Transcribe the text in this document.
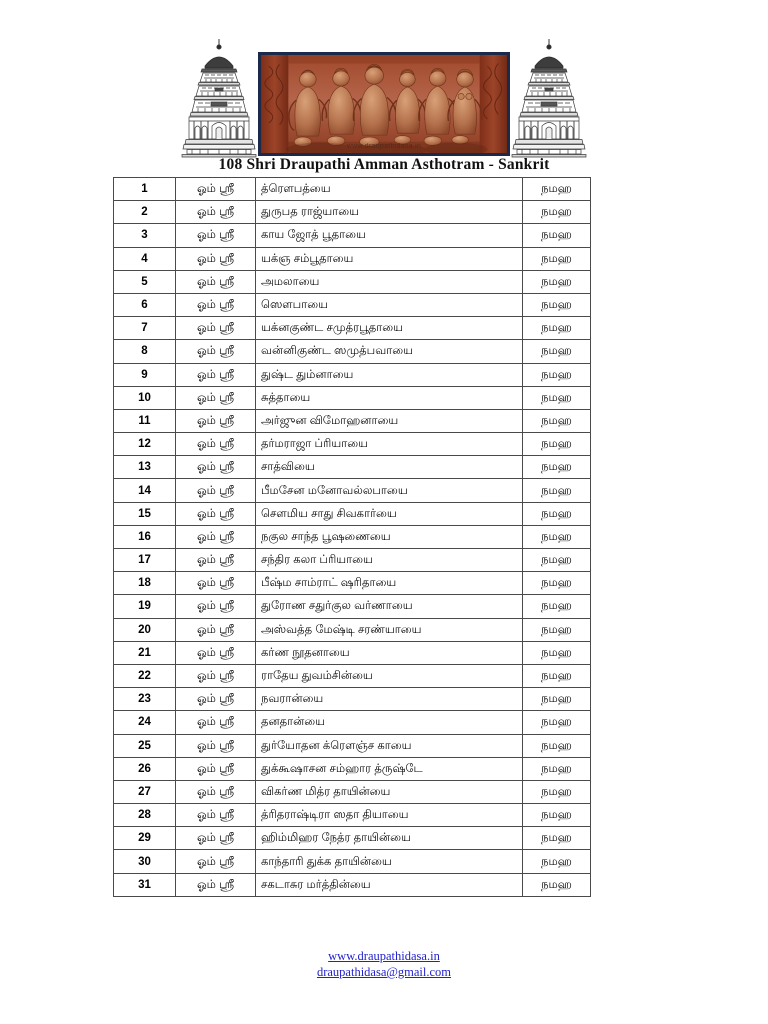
www.draupathidasa.in
108 Shri Draupathi Amman Asthotram - Sankrit
1	ஓம் ஸ்ரீ	த்ரௌபத்யை	நமஹ
2	ஓம் ஸ்ரீ	துருபத ராஜ்யாயை	நமஹ
3	ஓம் ஸ்ரீ	காய ஜோத் பூதாயை	நமஹ
4	ஓம் ஸ்ரீ	யக்ஞ சம்பூதாயை	நமஹ
5	ஓம் ஸ்ரீ	அமலாயை	நமஹ
6	ஓம் ஸ்ரீ	ஸௌபாயை	நமஹ
7	ஓம் ஸ்ரீ	யக்னகுண்ட சமுத்ரபூதாயை	நமஹ
8	ஓம் ஸ்ரீ	வன்னிகுண்ட ஸமுத்பவாயை	நமஹ
9	ஓம் ஸ்ரீ	துஷ்ட தும்னாயை	நமஹ
10	ஓம் ஸ்ரீ	சுத்தாயை	நமஹ
11	ஓம் ஸ்ரீ	அர்ஜுன விமோஹனாயை	நமஹ
12	ஓம் ஸ்ரீ	தர்மராஜா ப்ரியாயை	நமஹ
13	ஓம் ஸ்ரீ	சாத்வியை	நமஹ
14	ஓம் ஸ்ரீ	பீமசேன மனோவல்லபாயை	நமஹ
15	ஓம் ஸ்ரீ	செளமிய சாது சிவகார்யை	நமஹ
16	ஓம் ஸ்ரீ	நகுல சாந்த பூஷணையை	நமஹ
17	ஓம் ஸ்ரீ	சந்திர கலா ப்ரியாயை	நமஹ
18	ஓம் ஸ்ரீ	பீஷ்ம சாம்ராட் ஷரிதாயை	நமஹ
19	ஓம் ஸ்ரீ	துரோண சதுர்குல வர்ணாயை	நமஹ
20	ஓம் ஸ்ரீ	அஸ்வத்த மேஷ்டி சரண்யாயை	நமஹ
21	ஓம் ஸ்ரீ	கர்ண நூதனாயை	நமஹ
22	ஓம் ஸ்ரீ	ராதேய துவம்சின்யை	நமஹ
23	ஓம் ஸ்ரீ	நவரான்யை	நமஹ
24	ஓம் ஸ்ரீ	தனதான்யை	நமஹ
25	ஓம் ஸ்ரீ	துர்யோதன க்ரௌஞ்ச காயை	நமஹ
26	ஓம் ஸ்ரீ	துக்கூஷாசன சம்ஹார த்ருஷ்டே	நமஹ
27	ஓம் ஸ்ரீ	விகர்ண மித்ர தாயின்யை	நமஹ
28	ஓம் ஸ்ரீ	த்ரிதராஷ்டிரா ஸதா தியாயை	நமஹ
29	ஓம் ஸ்ரீ	ஹிம்மிஹர நேத்ர தாயின்யை	நமஹ
30	ஓம் ஸ்ரீ	காந்தாரி துக்க தாயின்யை	நமஹ
31	ஓம் ஸ்ரீ	சகடாசுர மர்த்தின்யை	நமஹ
www.draupathidasa.in
draupathidasa@gmail.com
